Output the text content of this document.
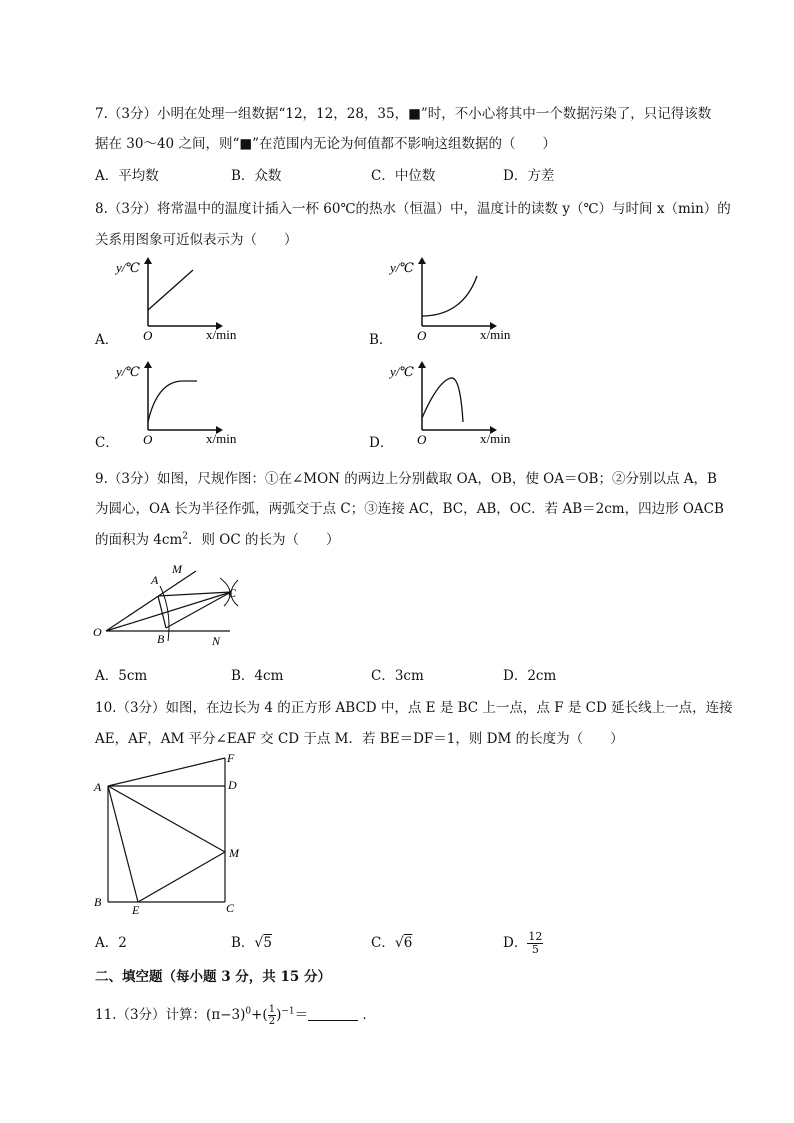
7.（3分）小明在处理一组数据“12，12，28，35，■”时，不小心将其中一个数据污染了，只记得该数
据在 30～40 之间，则“■”在范围内无论为何值都不影响这组数据的（　　）
A．平均数	B．众数	C．中位数	D．方差
8.（3分）将常温中的温度计插入一杯 60℃的热水（恒温）中，温度计的读数 y（℃）与时间 x（min）的
关系用图象可近似表示为（　　）
A．
y/℃
O	x/min	B．
y/℃
O	x/min
C．
y/℃
O	x/min	D．
y/℃
O	x/min
9.（3分）如图，尺规作图：①在∠MON 的两边上分别截取 OA，OB，使 OA＝OB；②分别以点 A，B
为圆心，OA 长为半径作弧，两弧交于点 C；③连接 AC，BC，AB，OC．若 AB＝2cm，四边形 OACB
的面积为 $4cm^2$．则 OC 的长为（　　）
M
A
C
O	B	N
A．5cm	B．4cm	C．3cm	D．2cm
10.（3分）如图，在边长为 4 的正方形 ABCD 中，点 E 是 BC 上一点，点 F 是 CD 延长线上一点，连接
AE，AF，AM 平分∠EAF 交 CD 于点 M．若 BE＝DF＝1，则 DM 的长度为（　　）
F
A	D
M
B
E	C
A．2	B．√5	C．√6	D． $\frac{12}{5}$
二、填空题（每小题 3 分，共 15 分）
11.（3分）计算：$(\pi-3)^0+( \frac{1}{2} )^{-1}=$	．
